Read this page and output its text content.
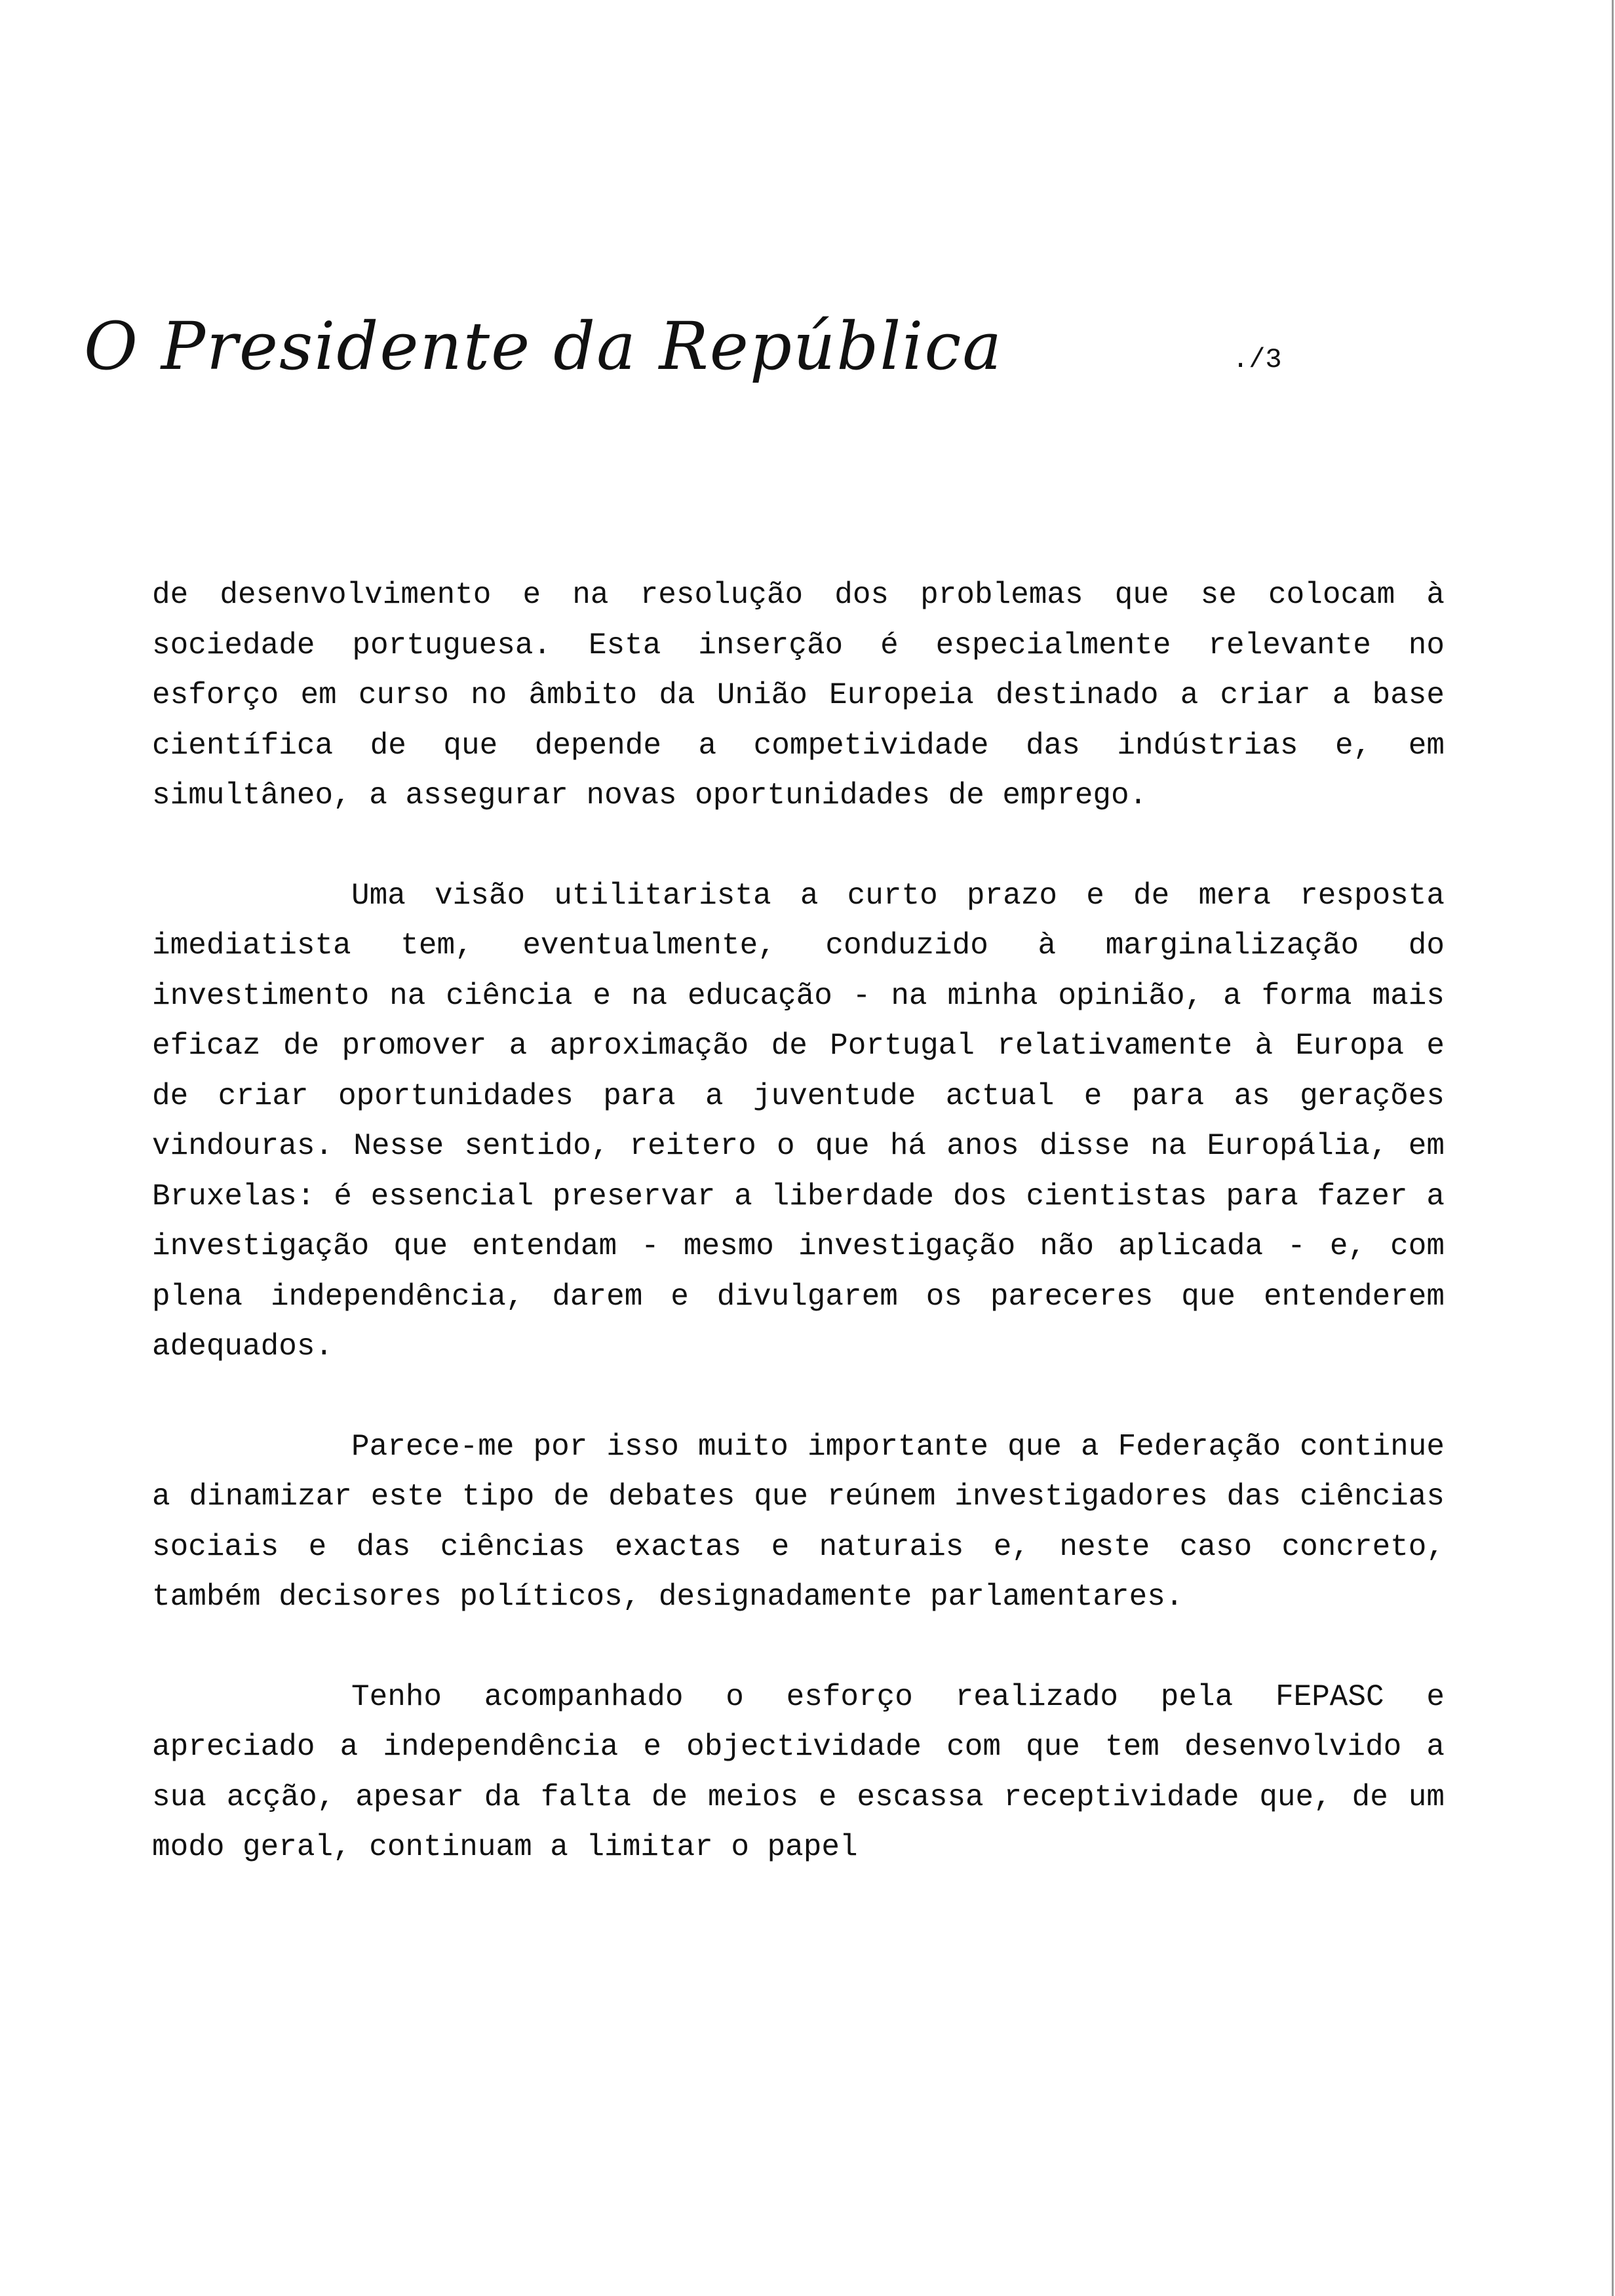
O Presidente da República	./3

de desenvolvimento e na resolução dos problemas que se colocam à sociedade portuguesa. Esta inserção é especialmente relevante no esforço em curso no âmbito da União Europeia destinado a criar a base científica de que depende a competividade das indústrias e, em simultâneo, a assegurar novas oportunidades de emprego.

Uma visão utilitarista a curto prazo e de mera resposta imediatista tem, eventualmente, conduzido à marginalização do investimento na ciência e na educação - na minha opinião, a forma mais eficaz de promover a aproximação de Portugal relativamente à Europa e de criar oportunidades para a juventude actual e para as gerações vindouras. Nesse sentido, reitero o que há anos disse na Europália, em Bruxelas: é essencial preservar a liberdade dos cientistas para fazer a investigação que entendam - mesmo investigação não aplicada - e, com plena independência, darem e divulgarem os pareceres que entenderem adequados.

Parece-me por isso muito importante que a Federação continue a dinamizar este tipo de debates que reúnem investigadores das ciências sociais e das ciências exactas e naturais e, neste caso concreto, também decisores políticos, designadamente parlamentares.

Tenho acompanhado o esforço realizado pela FEPASC e apreciado a independência e objectividade com que tem desenvolvido a sua acção, apesar da falta de meios e escassa receptividade que, de um modo geral, continuam a limitar o papel
